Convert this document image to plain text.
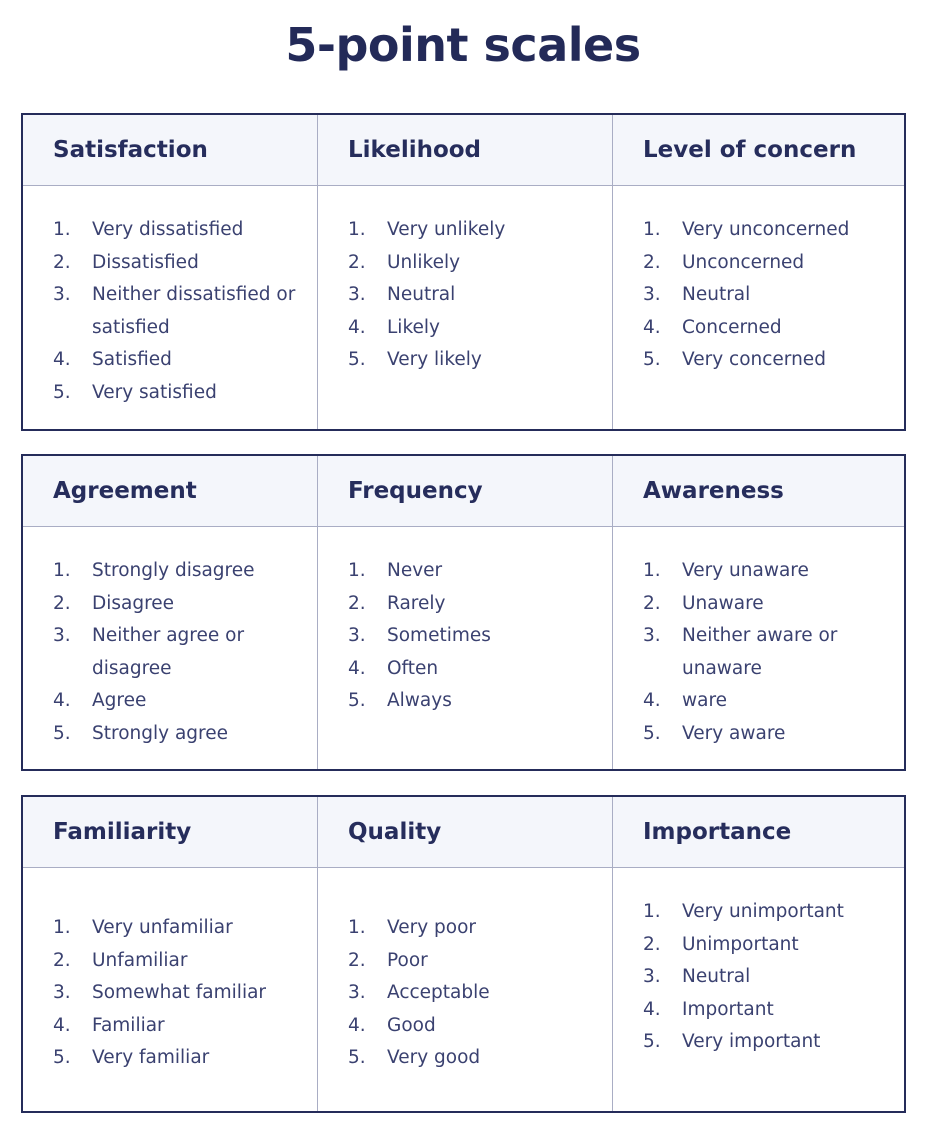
5-point scales
Satisfaction	Likelihood	Level of concern
1.	Very dissatisfied
2.	Dissatisfied
3.	Neither dissatisfied or satisfied
4.	Satisfied
5.	Very satisfied
1.	Very unlikely
2.	Unlikely
3.	Neutral
4.	Likely
5.	Very likely
1.	Very unconcerned
2.	Unconcerned
3.	Neutral
4.	Concerned
5.	Very concerned
Agreement	Frequency	Awareness
1.	Strongly disagree
2.	Disagree
3.	Neither agree or disagree
4.	Agree
5.	Strongly agree
1.	Never
2.	Rarely
3.	Sometimes
4.	Often
5.	Always
1.	Very unaware
2.	Unaware
3.	Neither aware or unaware
4.	ware
5.	Very aware
Familiarity	Quality	Importance
1.	Very unfamiliar
2.	Unfamiliar
3.	Somewhat familiar
4.	Familiar
5.	Very familiar
1.	Very poor
2.	Poor
3.	Acceptable
4.	Good
5.	Very good
1.	Very unimportant
2.	Unimportant
3.	Neutral
4.	Important
5.	Very important
